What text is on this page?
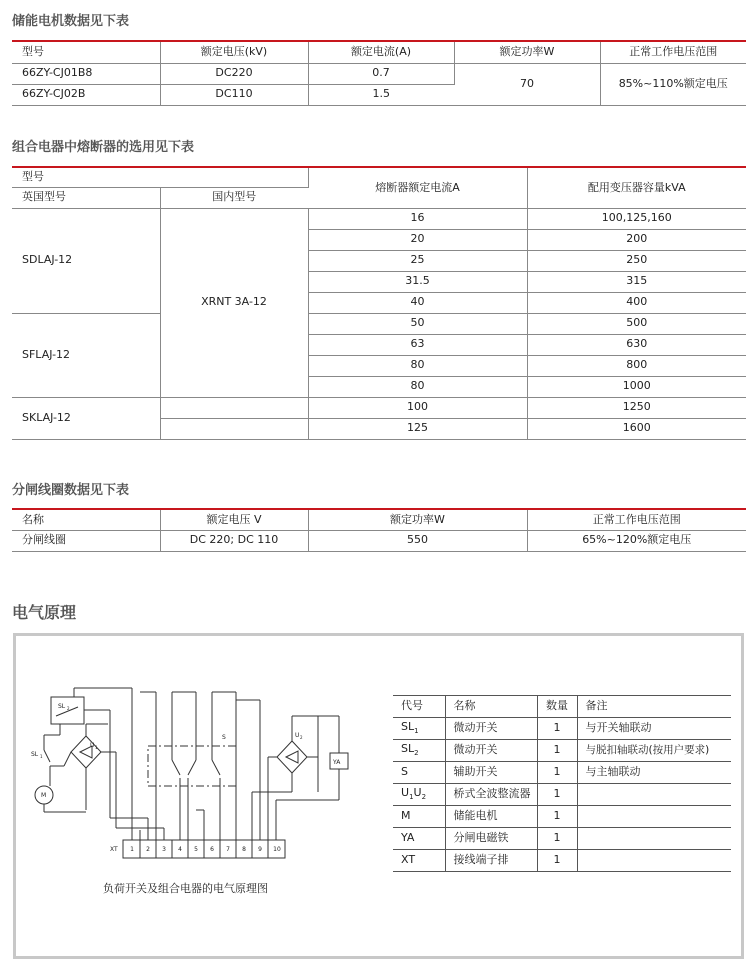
储能电机数据见下表
型号	额定电压(kV)	额定电流(A)	额定功率W	正常工作电压范围
66ZY-CJ01B8	DC220	0.7	70	85%~110%额定电压
66ZY-CJ02B	DC110	1.5		
组合电器中熔断器的选用见下表
型号		熔断器额定电流A	配用变压器容量kVA
英国型号	国内型号		
SDLAJ-12	XRNT 3A-12	16	100,125,160
		20	200
		25	250
		31.5	315
		40	400
SFLAJ-12		50	500
		63	630
		80	800
		80	1000
SKLAJ-12		100	1250
		125	1600
分闸线圈数据见下表
名称	额定电压 V	额定功率W	正常工作电压范围
分闸线圈	DC 220; DC 110	550	65%~120%额定电压
电气原理
SL 2
SL 1
U 1
M
S	U 2
YA
XT 1 2 3 4 5 6 7 8 9 10
负荷开关及组合电器的电气原理图
代号	名称	数量	备注
$SL_1$	微动开关	1	与开关轴联动
$SL_2$	微动开关	1	与脱扣轴联动(按用户要求)
S	辅助开关	1	与主轴联动
$U_1U_2$	桥式全波整流器	1	
M	储能电机	1	
YA	分闸电磁铁	1	
XT	接线端子排	1	
